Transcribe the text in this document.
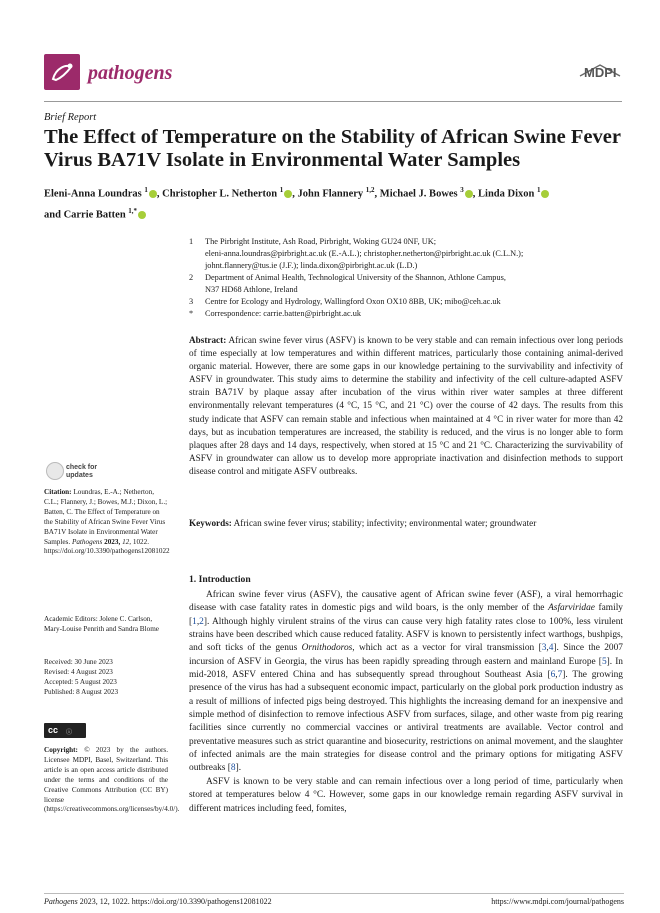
pathogens	MDPI
Brief Report
The Effect of Temperature on the Stability of African Swine Fever Virus BA71V Isolate in Environmental Water Samples
Eleni-Anna Loundras $^1$ , Christopher L. Netherton $^1$ , John Flannery $^{1,2}$, Michael J. Bowes $^3$ , Linda Dixon $^1$
and Carrie Batten $^{1,*}$
1	The Pirbright Institute, Ash Road, Pirbright, Woking GU24 0NF, UK;
eleni-anna.loundras@pirbright.ac.uk (E.-A.L.); christopher.netherton@pirbright.ac.uk (C.L.N.);
johnt.flannery@tus.ie (J.F.); linda.dixon@pirbright.ac.uk (L.D.)
2	Department of Animal Health, Technological University of the Shannon, Athlone Campus,
N37 HD68 Athlone, Ireland
3	Centre for Ecology and Hydrology, Wallingford Oxon OX10 8BB, UK; mibo@ceh.ac.uk
*	Correspondence: carrie.batten@pirbright.ac.uk
Abstract: African swine fever virus (ASFV) is known to be very stable and can remain infectious over long periods of time especially at low temperatures and within different matrices, particularly those containing animal-derived organic material. However, there are some gaps in our knowledge pertaining to the survivability and infectivity of ASFV in groundwater. This study aims to determine the stability and infectivity of the cell culture-adapted ASFV strain BA71V by plaque assay after incubation of the virus within river water samples at three different environmentally relevant temperatures (4 °C, 15 °C, and 21 °C) over the course of 42 days. The results from this study indicate that ASFV can remain stable and infectious when maintained at 4 °C in river water for more than 42 days, but as incubation temperatures are increased, the stability is reduced, and the virus is no longer able to form plaques after 28 days and 14 days, respectively, when stored at 15 °C and 21 °C. Characterizing the survivability of ASFV in groundwater can allow us to develop more appropriate inactivation and disinfection methods to support disease control and mitigate ASFV outbreaks.
Keywords: African swine fever virus; stability; infectivity; environmental water; groundwater
1. Introduction

African swine fever virus (ASFV), the causative agent of African swine fever (ASF), a viral hemorrhagic disease with case fatality rates in domestic pigs and wild boars, is the only member of the Asfarviridae family [1,2]. Although highly virulent strains of the virus can cause very high fatality rates close to 100%, less virulent strains have been described which cause reduced fatality. ASFV is known to persistently infect warthogs, bushpigs, and soft ticks of the genus Ornithodoros, which act as a vector for viral transmission [3,4]. Since the 2007 incursion of ASFV in Georgia, the virus has been rapidly spreading through eastern and mainland Europe [5]. In mid-2018, ASFV entered China and has subsequently spread throughout Southeast Asia [6,7]. The growing presence of the virus has had a subsequent economic impact, particularly on the global pork production industry as a result of millions of infected pigs being destroyed. This highlights the increasing demand for an inexpensive and simple method of disinfection to remove infectious ASFV from surfaces, silage, and other waste from pig rearing facilities since currently no commercial vaccines or antiviral treatments are available. Vector control and preventative measures such as strict quarantine and biosecurity, restrictions on animal movement, and the slaughter of infected animals are the main strategies for disease control and the primary options for mitigating ASFV outbreaks [8].

ASFV is known to be very stable and can remain infectious over a long period of time, particularly when stored at temperatures below 4 °C. However, some gaps in our knowledge remain regarding ASFV survival in different matrices including feed, fomites,

check for
updates
Citation: Loundras, E.-A.; Netherton, C.L.; Flannery, J.; Bowes, M.J.; Dixon, L.; Batten, C. The Effect of Temperature on the Stability of African Swine Fever Virus BA71V Isolate in Environmental Water Samples. Pathogens 2023, 12, 1022. https://doi.org/10.3390/pathogens12081022
Academic Editors: Jolene C. Carlson, Mary-Louise Penrith and Sandra Blome
Received: 30 June 2023
Revised: 4 August 2023
Accepted: 5 August 2023
Published: 8 August 2023
cc ⓘ
Copyright: © 2023 by the authors. Licensee MDPI, Basel, Switzerland. This article is an open access article distributed under the terms and conditions of the Creative Commons Attribution (CC BY) license (https://creativecommons.org/licenses/by/4.0/).
Pathogens 2023, 12, 1022. https://doi.org/10.3390/pathogens12081022	https://www.mdpi.com/journal/pathogens
